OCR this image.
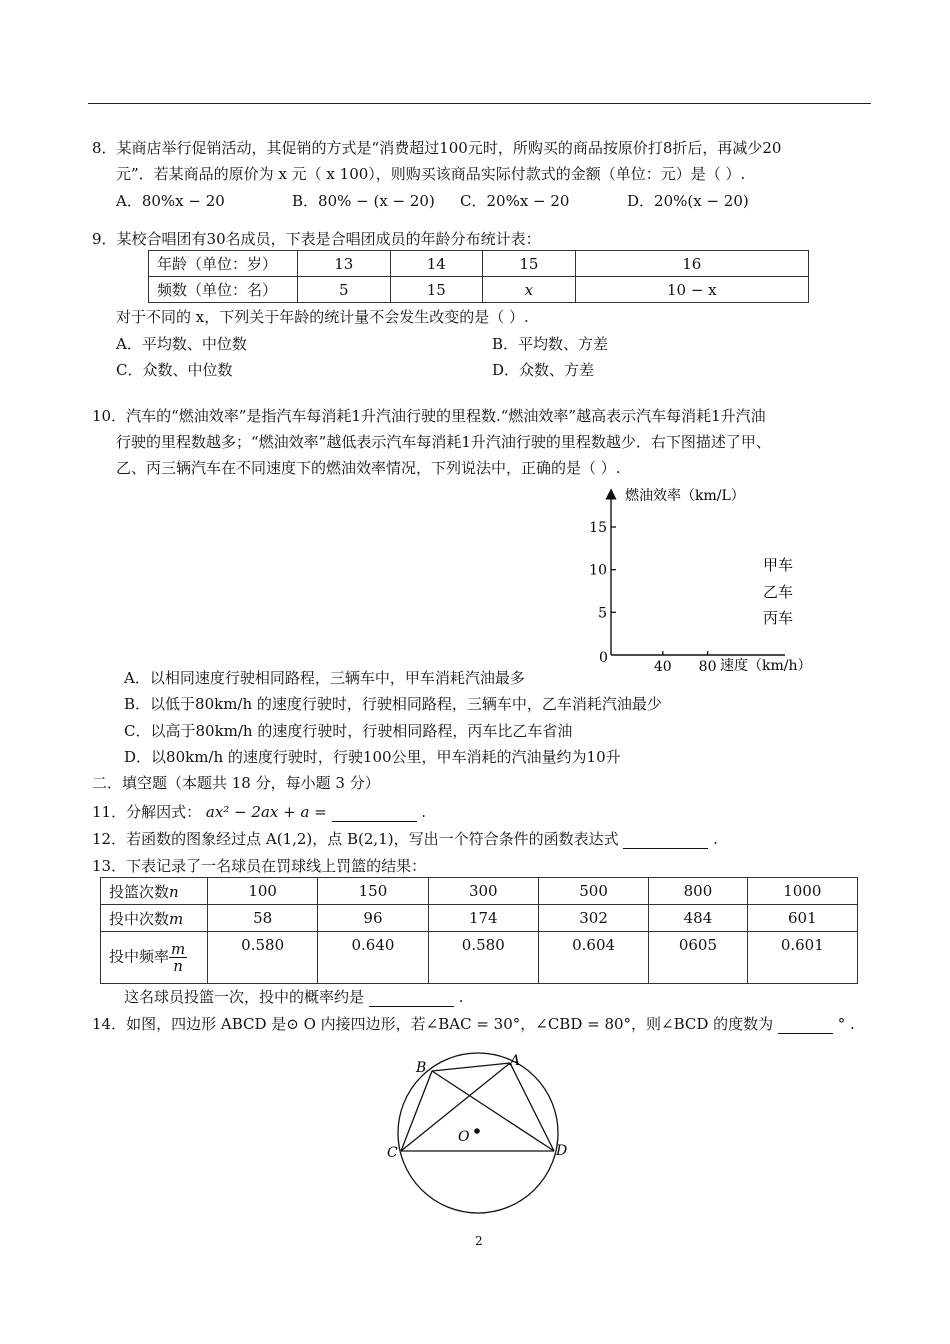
8．某商店举行促销活动，其促销的方式是“消费超过100元时，所购买的商品按原价打8折后，再减少20
元”．若某商品的原价为 x 元（ x 100），则购买该商品实际付款式的金额（单位：元）是（ ）.
A．80%x − 20	B．80% − (x − 20) C．20%x − 20	D．20%(x − 20)
9．某校合唱团有30名成员，下表是合唱团成员的年龄分布统计表：
年龄（单位：岁）	13	14	15	16
频数（单位：名）	5	15	x	10 − x
对于不同的 x，下列关于年龄的统计量不会发生改变的是（ ）.
A．平均数、中位数	B．平均数、方差
C．众数、中位数	D．众数、方差
10．汽车的“燃油效率”是指汽车每消耗1升汽油行驶的里程数.“燃油效率”越高表示汽车每消耗1升汽油
行驶的里程数越多；“燃油效率”越低表示汽车每消耗1升汽油行驶的里程数越少．右下图描述了甲、
乙、丙三辆汽车在不同速度下的燃油效率情况，下列说法中，正确的是（ ）.
燃油效率（km/L）
15
10
5
40 80
0	速度（km/h）
甲车
乙车
丙车
A．以相同速度行驶相同路程，三辆车中，甲车消耗汽油最多
B．以低于80km/h 的速度行驶时，行驶相同路程，三辆车中，乙车消耗汽油最少
C．以高于80km/h 的速度行驶时，行驶相同路程，丙车比乙车省油
D．以80km/h 的速度行驶时，行驶100公里，甲车消耗的汽油量约为10升
二．填空题（本题共 18 分，每小题 3 分）
11．分解因式： ax² − 2ax + a =	.
12．若函数的图象经过点 A(1,2)，点 B(2,1)，写出一个符合条件的函数表达式	.
13．下表记录了一名球员在罚球线上罚篮的结果：
投篮次数n	100	150	300	500	800	1000
投中次数m	58	96	174	302	484	601
投中频率 $\frac{m}{n}$	0.580	0.640	0.580	0.604	0605	0.601
这名球员投篮一次，投中的概率约是	.
14．如图，四边形 ABCD 是⊙ O 内接四边形，若∠BAC = 30°，∠CBD = 80°，则∠BCD 的度数为	° .
B	A
O
C	D
2
